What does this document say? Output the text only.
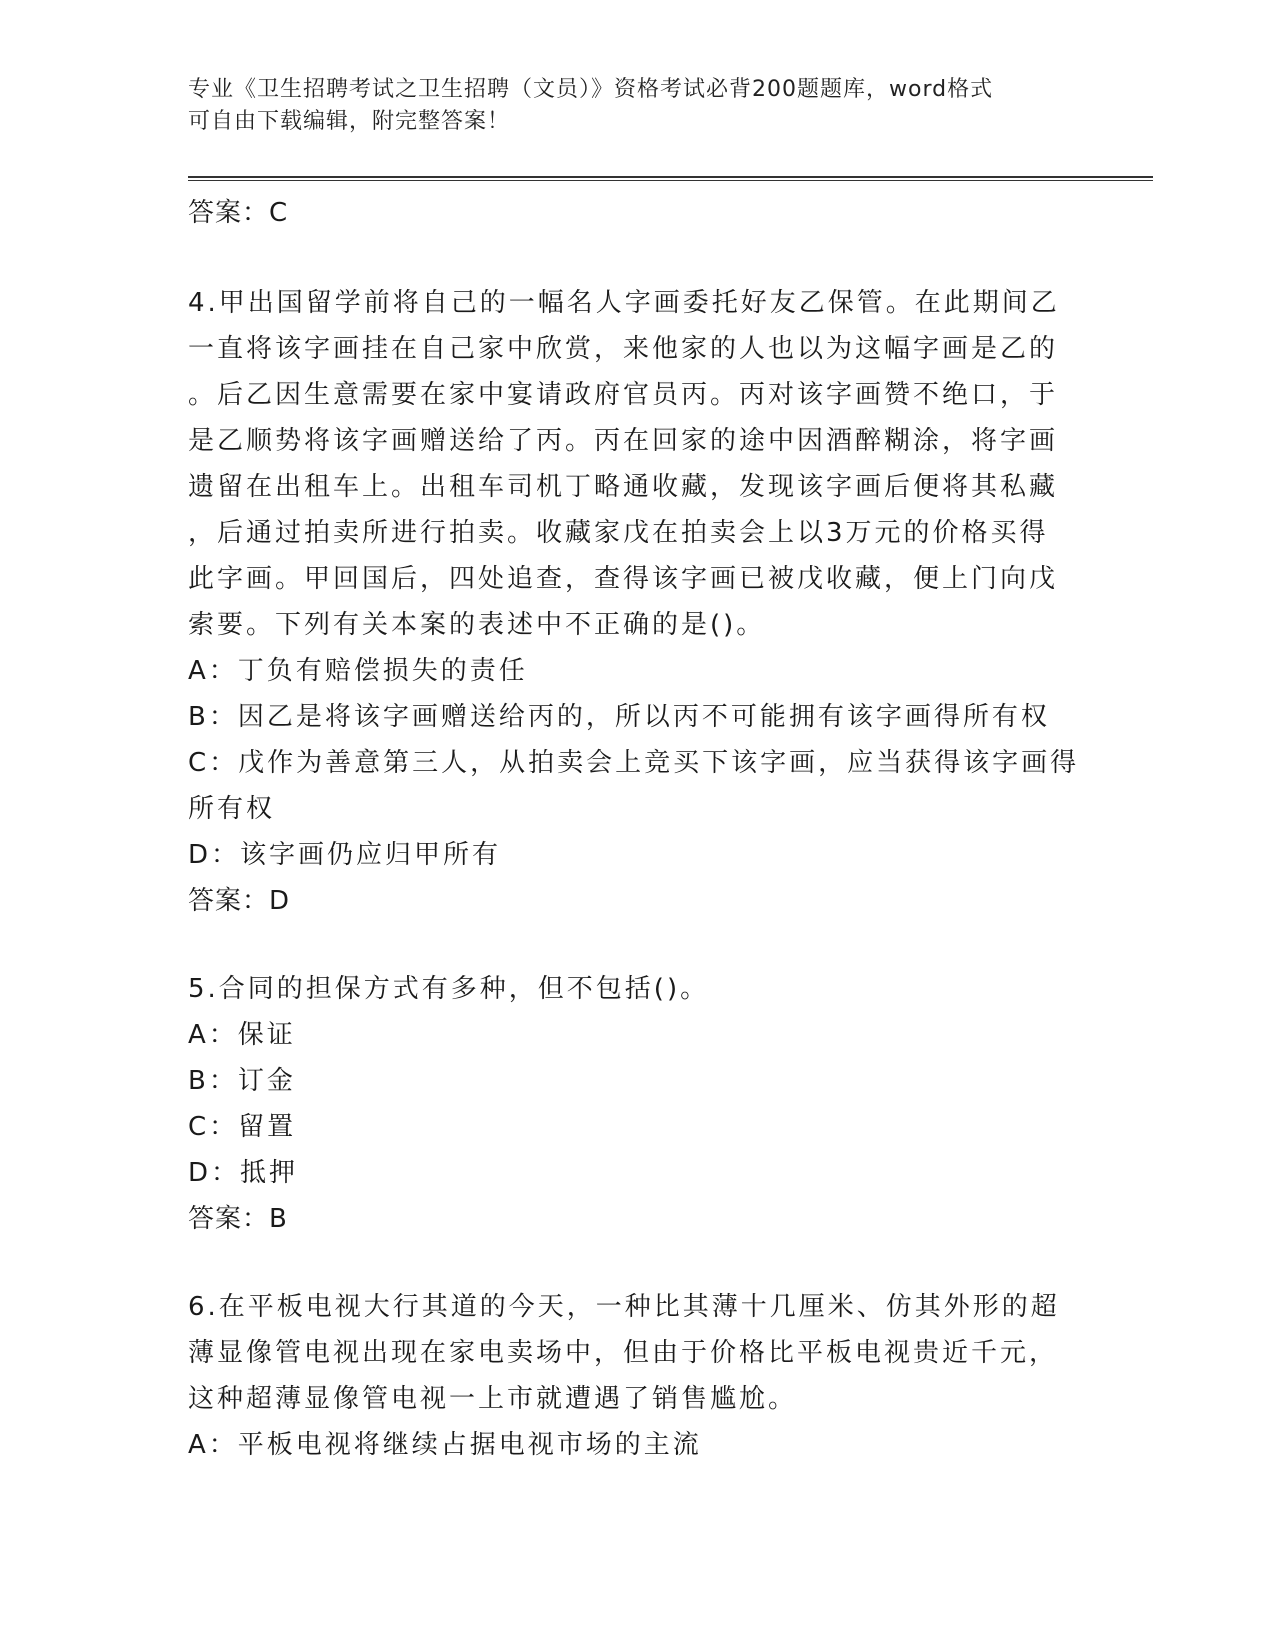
专业《卫生招聘考试之卫生招聘（文员）》资格考试必背200题题库，word格式
可自由下载编辑，附完整答案！
答案：C
4.甲出国留学前将自己的一幅名人字画委托好友乙保管。在此期间乙
一直将该字画挂在自己家中欣赏，来他家的人也以为这幅字画是乙的
。后乙因生意需要在家中宴请政府官员丙。丙对该字画赞不绝口，于
是乙顺势将该字画赠送给了丙。丙在回家的途中因酒醉糊涂，将字画
遗留在出租车上。出租车司机丁略通收藏，发现该字画后便将其私藏
，后通过拍卖所进行拍卖。收藏家戊在拍卖会上以3万元的价格买得
此字画。甲回国后，四处追查，查得该字画已被戊收藏，便上门向戊
索要。下列有关本案的表述中不正确的是()。
A：丁负有赔偿损失的责任
B：因乙是将该字画赠送给丙的，所以丙不可能拥有该字画得所有权
C：戊作为善意第三人，从拍卖会上竞买下该字画，应当获得该字画得
所有权
D：该字画仍应归甲所有
答案：D
5.合同的担保方式有多种，但不包括()。
A：保证
B：订金
C：留置
D：抵押
答案：B
6.在平板电视大行其道的今天，一种比其薄十几厘米、仿其外形的超
薄显像管电视出现在家电卖场中，但由于价格比平板电视贵近千元，
这种超薄显像管电视一上市就遭遇了销售尴尬。
A：平板电视将继续占据电视市场的主流
